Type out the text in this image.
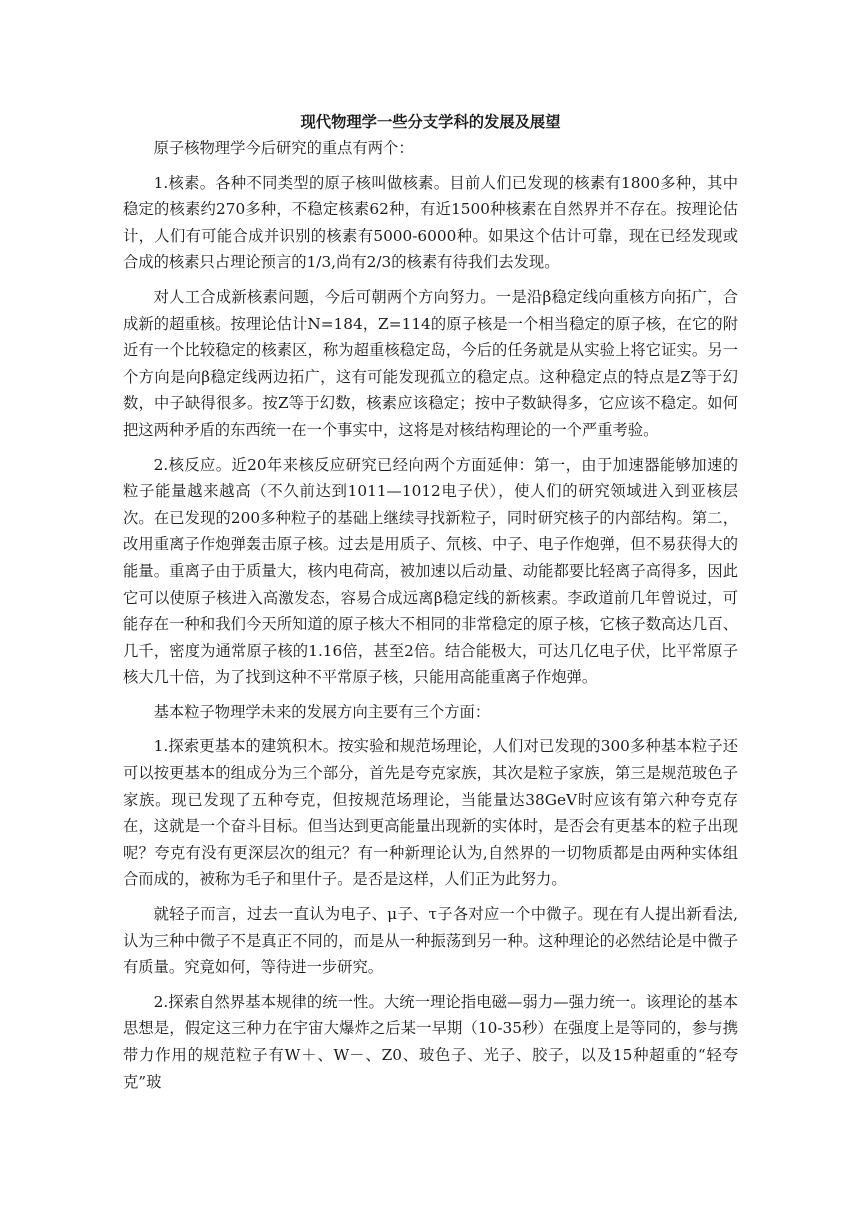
现代物理学一些分支学科的发展及展望

原子核物理学今后研究的重点有两个：

1.核素。各种不同类型的原子核叫做核素。目前人们已发现的核素有1800多种，其中稳定的核素约270多种，不稳定核素62种，有近1500种核素在自然界并不存在。按理论估计，人们有可能合成并识别的核素有5000-6000种。如果这个估计可靠，现在已经发现或合成的核素只占理论预言的1/3,尚有2/3的核素有待我们去发现。

对人工合成新核素问题，今后可朝两个方向努力。一是沿β稳定线向重核方向拓广，合成新的超重核。按理论估计N=184，Z=114的原子核是一个相当稳定的原子核，在它的附近有一个比较稳定的核素区，称为超重核稳定岛，今后的任务就是从实验上将它证实。另一个方向是向β稳定线两边拓广，这有可能发现孤立的稳定点。这种稳定点的特点是Z等于幻数，中子缺得很多。按Z等于幻数，核素应该稳定；按中子数缺得多，它应该不稳定。如何把这两种矛盾的东西统一在一个事实中，这将是对核结构理论的一个严重考验。

2.核反应。近20年来核反应研究已经向两个方面延伸：第一，由于加速器能够加速的粒子能量越来越高（不久前达到1011—1012电子伏），使人们的研究领域进入到亚核层次。在已发现的200多种粒子的基础上继续寻找新粒子，同时研究核子的内部结构。第二，改用重离子作炮弹轰击原子核。过去是用质子、氘核、中子、电子作炮弹，但不易获得大的能量。重离子由于质量大，核内电荷高，被加速以后动量、动能都要比轻离子高得多，因此它可以使原子核进入高激发态，容易合成远离β稳定线的新核素。李政道前几年曾说过，可能存在一种和我们今天所知道的原子核大不相同的非常稳定的原子核，它核子数高达几百、几千，密度为通常原子核的1.16倍，甚至2倍。结合能极大，可达几亿电子伏，比平常原子核大几十倍，为了找到这种不平常原子核，只能用高能重离子作炮弹。

基本粒子物理学未来的发展方向主要有三个方面：

1.探索更基本的建筑积木。按实验和规范场理论，人们对已发现的300多种基本粒子还可以按更基本的组成分为三个部分，首先是夸克家族，其次是粒子家族，第三是规范玻色子家族。现已发现了五种夸克，但按规范场理论，当能量达38GeV时应该有第六种夸克存在，这就是一个奋斗目标。但当达到更高能量出现新的实体时，是否会有更基本的粒子出现呢？夸克有没有更深层次的组元？有一种新理论认为,自然界的一切物质都是由两种实体组合而成的，被称为毛子和里什子。是否是这样，人们正为此努力。

就轻子而言，过去一直认为电子、μ子、τ子各对应一个中微子。现在有人提出新看法,认为三种中微子不是真正不同的，而是从一种振荡到另一种。这种理论的必然结论是中微子有质量。究竟如何，等待进一步研究。

2.探索自然界基本规律的统一性。大统一理论指电磁—弱力—强力统一。该理论的基本思想是，假定这三种力在宇宙大爆炸之后某一早期（10-35秒）在强度上是等同的，参与携带力作用的规范粒子有W＋、W－、Z0、玻色子、光子、胶子，以及15种超重的“轻夸克”玻
